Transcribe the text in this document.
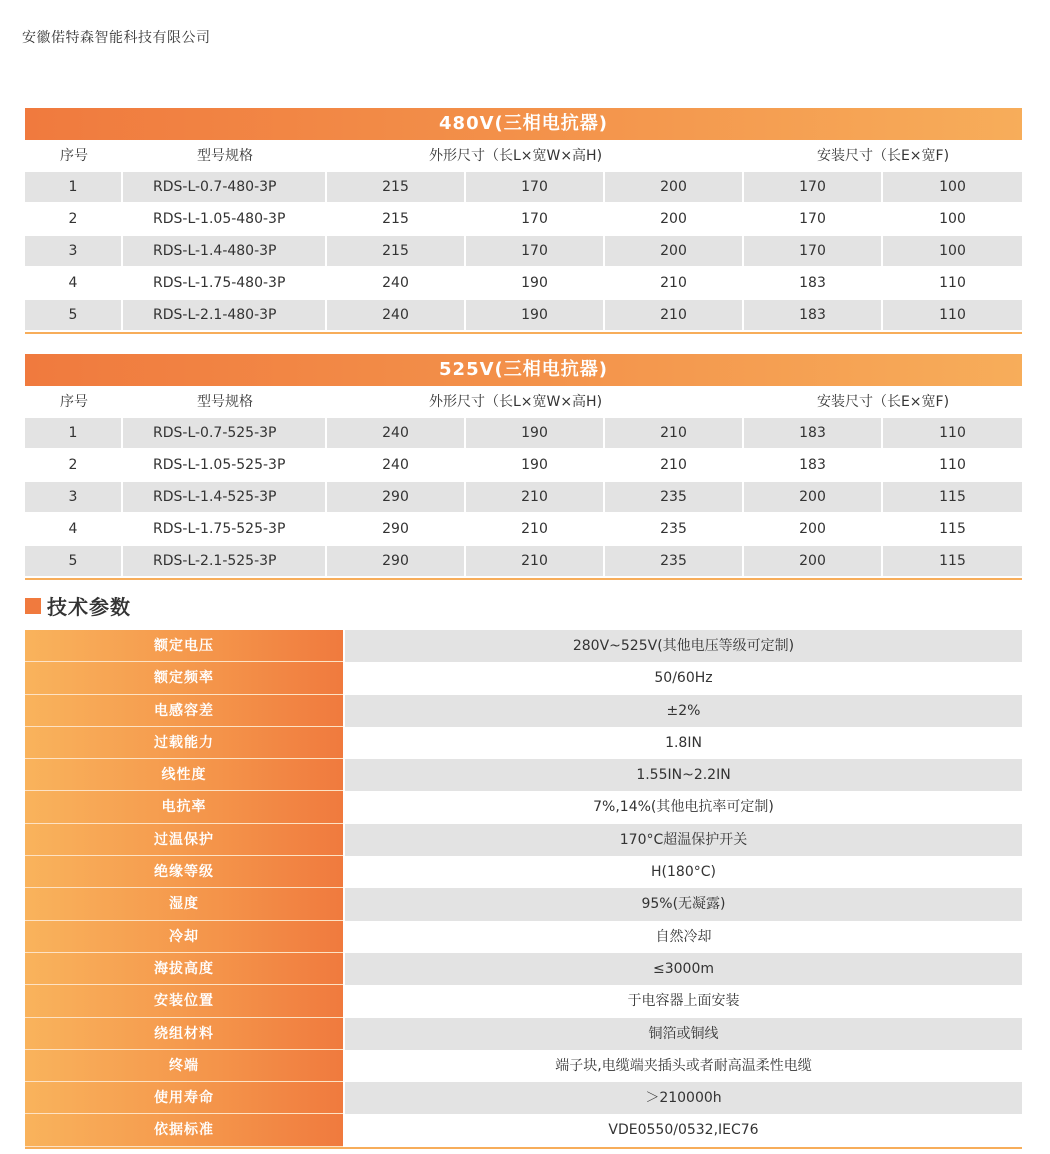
安徽偌特森智能科技有限公司
480V(三相电抗器)
序号	型号规格	外形尺寸（长L×宽W×高H)	安装尺寸（长E×宽F)
1	RDS-L-0.7-480-3P	215	170	200	170	100
2	RDS-L-1.05-480-3P	215	170	200	170	100
3	RDS-L-1.4-480-3P	215	170	200	170	100
4	RDS-L-1.75-480-3P	240	190	210	183	110
5	RDS-L-2.1-480-3P	240	190	210	183	110
525V(三相电抗器)
序号	型号规格	外形尺寸（长L×宽W×高H)	安装尺寸（长E×宽F)
1	RDS-L-0.7-525-3P	240	190	210	183	110
2	RDS-L-1.05-525-3P	240	190	210	183	110
3	RDS-L-1.4-525-3P	290	210	235	200	115
4	RDS-L-1.75-525-3P	290	210	235	200	115
5	RDS-L-2.1-525-3P	290	210	235	200	115
技术参数
额定电压	280V~525V(其他电压等级可定制)
额定频率	50/60Hz
电感容差	±2%
过载能力	1.8IN
线性度	1.55IN~2.2IN
电抗率	7%,14%(其他电抗率可定制)
过温保护	170°C超温保护开关
绝缘等级	H(180°C)
湿度	95%(无凝露)
冷却	自然冷却
海拔高度	≤3000m
安装位置	于电容器上面安装
绕组材料	铜箔或铜线
终端	端子块,电缆端夹插头或者耐高温柔性电缆
使用寿命	＞210000h
依据标准	VDE0550/0532,IEC76
